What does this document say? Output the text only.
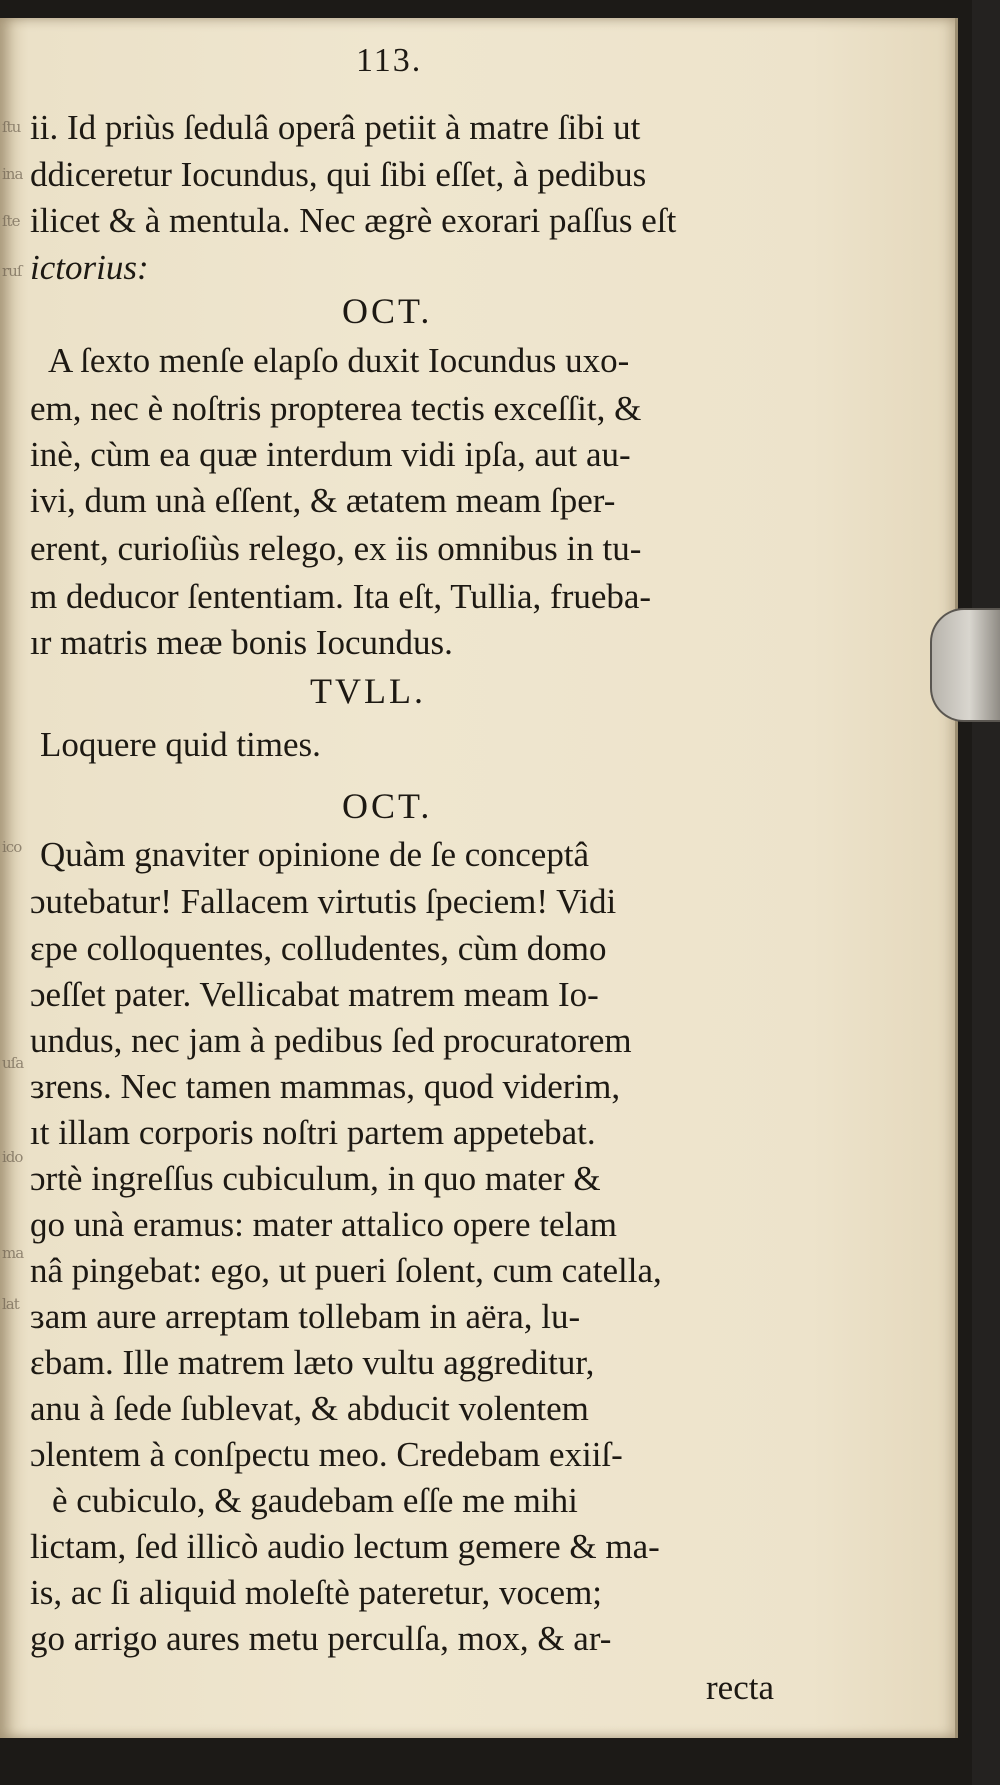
113.
ii. Id priùs ſedulâ operâ petiit à matre ſibi ut
ddiceretur Iocundus, qui ſibi eſſet, à pedibus
ilicet & à mentula. Nec ægrè exorari paſſus eſt
ictorius:
OCT.
A ſexto menſe elapſo duxit Iocundus uxo-
em, nec è noſtris propterea tectis exceſſit, &
inè, cùm ea quæ interdum vidi ipſa, aut au-
ivi, dum unà eſſent, & ætatem meam ſper-
erent, curioſiùs relego, ex iis omnibus in tu-
m deducor ſententiam. Ita eſt, Tullia, fruebа-
ır matris meæ bonis Iocundus.
TVLL.
Loquere quid times.
OCT.
Quàm gnaviter opinione de ſe conceptâ
ɔutebatur! Fallacem virtutis ſpeciem! Vidi
ɛpe colloquentes, colludentes, cùm domo
ɔeſſet pater. Vellicabat matrem meam Io-
undus, nec jam à pedibus ſed procuratorem
ɜrens. Nec tamen mammas, quod viderim,
ıt illam corporis noſtri partem appetebat.
ɔrtè ingreſſus cubiculum, in quo mater &
ɡo unà eramus: mater attalico opere telam
nâ pingebat: ego, ut pueri ſolent, cum catella,
ɜam aure arreptam tollebam in aëra, lu-
ɛbam. Ille matrem læto vultu aggreditur,
anu à ſede ſublevat, & abducit volentem
ɔlentem à conſpectu meo. Credebam exiiſ-
è cubiculo, & gaudebam eſſe me mihi
lictam, ſed illicò audio lectum gemere & ma-
is, ac ſi aliquid moleſtè pateretur, vocem;
go arrigo aures metu perculſa, mox, & ar-
recta
ſtu
ina
ſte
ruſ
ico
uſa
ido
ma
lat
